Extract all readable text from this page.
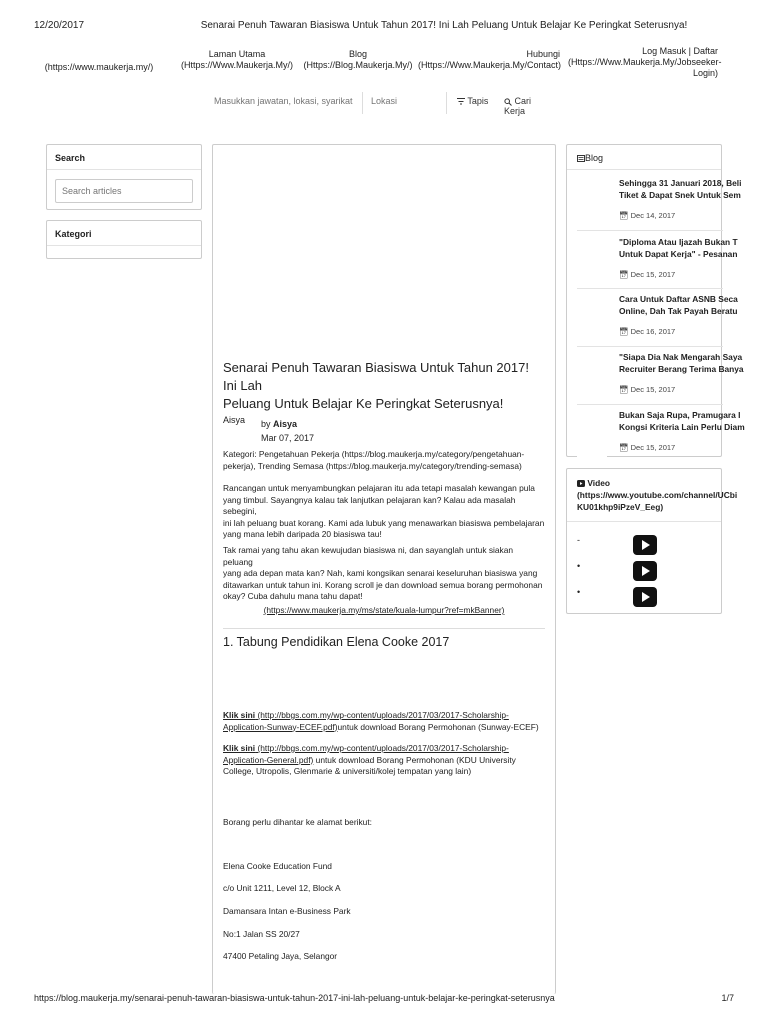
12/20/2017	Senarai Penuh Tawaran Biasiswa Untuk Tahun 2017! Ini Lah Peluang Untuk Belajar Ke Peringkat Seterusnya!
(https://www.maukerja.my/)
Laman Utama
(Https://Www.Maukerja.My/)
Blog
(Https://Blog.Maukerja.My/)
Hubungi
(Https://Www.Maukerja.My/Contact)
Log Masuk | Daftar
(Https://Www.Maukerja.My/Jobseeker-
Login)
Masukkan jawatan, lokasi, syarikat
Lokasi
Tapis	Cari Kerja
Search
Search articles
Kategori
Senarai Penuh Tawaran Biasiswa Untuk Tahun 2017! Ini Lah
Peluang Untuk Belajar Ke Peringkat Seterusnya!
Aisya	by Aisya
Mar 07, 2017
Kategori: Pengetahuan Pekerja (https://blog.maukerja.my/category/pengetahuan-
pekerja), Trending Semasa (https://blog.maukerja.my/category/trending-semasa)
Rancangan untuk menyambungkan pelajaran itu ada tetapi masalah kewangan pula
yang timbul. Sayangnya kalau tak lanjutkan pelajaran kan? Kalau ada masalah sebegini,
ini lah peluang buat korang. Kami ada lubuk yang menawarkan biasiswa pembelajaran
yang mana lebih daripada 20 biasiswa tau!
Tak ramai yang tahu akan kewujudan biasiswa ni, dan sayanglah untuk siakan peluang
yang ada depan mata kan? Nah, kami kongsikan senarai keseluruhan biasiswa yang
ditawarkan untuk tahun ini. Korang scroll je dan download semua borang permohonan
okay? Cuba dahulu mana tahu dapat!
(https://www.maukerja.my/ms/state/kuala-lumpur?ref=mkBanner)
1. Tabung Pendidikan Elena Cooke 2017
Klik sini (http://bbgs.com.my/wp-content/uploads/2017/03/2017-Scholarship-
Application-Sunway-ECEF.pdf)untuk download Borang Permohonan (Sunway-ECEF)
Klik sini (http://bbgs.com.my/wp-content/uploads/2017/03/2017-Scholarship-
Application-General.pdf) untuk download Borang Permohonan (KDU University
College, Utropolis, Glenmarie & universiti/kolej tempatan yang lain)
Borang perlu dihantar ke alamat berikut:
Elena Cooke Education Fund
c/o Unit 1211, Level 12, Block A
Damansara Intan e-Business Park
No:1 Jalan SS 20/27
47400 Petaling Jaya, Selangor
Blog
Sehingga 31 Januari 2018, Beli
Tiket & Dapat Snek Untuk Sem
📅︎ Dec 14, 2017
"Diploma Atau Ijazah Bukan T
Untuk Dapat Kerja" - Pesanan
📅︎ Dec 15, 2017
Cara Untuk Daftar ASNB Seca
Online, Dah Tak Payah Beratu
📅︎ Dec 16, 2017
"Siapa Dia Nak Mengarah Saya
Recruiter Berang Terima Banya
📅︎ Dec 15, 2017
Bukan Saja Rupa, Pramugara I
Kongsi Kriteria Lain Perlu Diam
📅︎ Dec 15, 2017
Video
(https://www.youtube.com/channel/UCbi
KU01khp9iPzeV_Eeg)
-
•
•
https://blog.maukerja.my/senarai-penuh-tawaran-biasiswa-untuk-tahun-2017-ini-lah-peluang-untuk-belajar-ke-peringkat-seterusnya	1/7
